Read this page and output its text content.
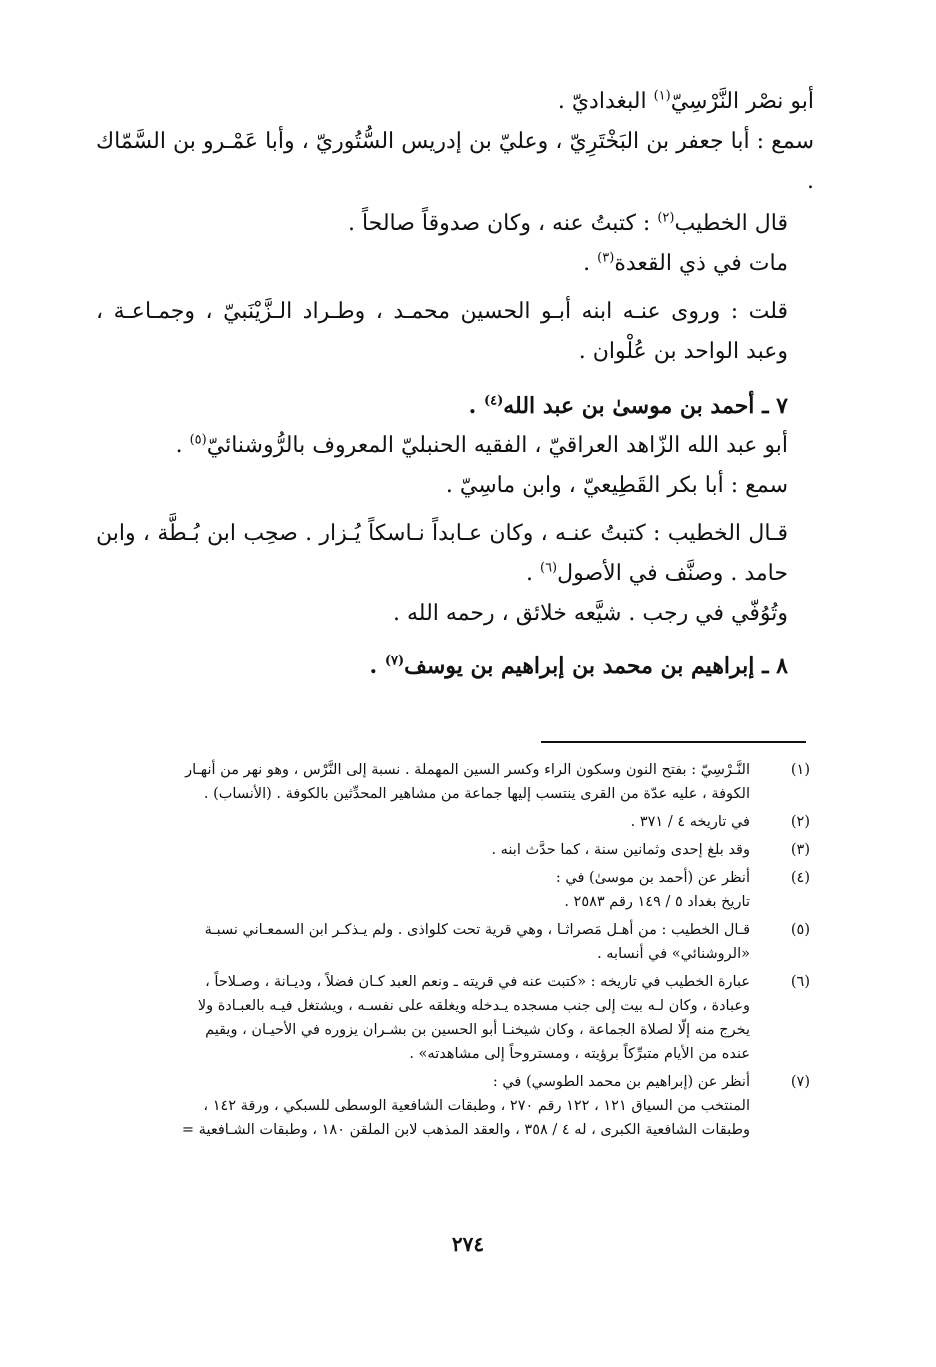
أبو نصْر النَّرْسِيّ$^{(١)}$ البغداديّ .

سمع : أبا جعفر بن البَخْتَرِيّ ، وعليّ بن إدريس السُّتُوريّ ، وأبا عَمْـرو بن السَّمّاك .

قال الخطيب$^{(٢)}$ : كتبتُ عنه ، وكان صدوقاً صالحاً .

مات في ذي القعدة$^{(٣)}$ .

قلت : وروى عنـه ابنه أبـو الحسين محمـد ، وطـراد الـزَّيْنَبيّ ، وجمـاعـة ، وعبد الواحد بن عُلْوان .

٧ ـ أحمد بن موسىٰ بن عبد الله$^{(٤)}$ .

أبو عبد الله الزّاهد العراقيّ ، الفقيه الحنبليّ المعروف بالرُّوشنائيّ$^{(٥)}$ .

سمع : أبا بكر القَطِيعيّ ، وابن ماسِيّ .

قـال الخطيب : كتبتُ عنـه ، وكان عـابداً نـاسكاً يُـزار . صحِب ابن بُـطَّة ، وابن حامد . وصنَّف في الأصول$^{(٦)}$ .

وتُوُفّي في رجب . شيَّعه خلائق ، رحمه الله .

٨ ـ إبراهيم بن محمد بن إبراهيم بن يوسف$^{(٧)}$ .

(١)
النَّـرْسِيّ : بفتح النون وسكون الراء وكسر السين المهملة . نسبة إلى النَّرْس ، وهو نهر من أنهـار
الكوفة ، عليه عدّة من القرى ينتسب إليها جماعة من مشاهير المحدِّثين بالكوفة . (الأنساب) .
(٢)
في تاريخه ٤ / ٣٧١ .
(٣)
وقد بلغ إحدى وثمانين سنة ، كما حدَّث ابنه .
(٤)
أنظر عن (أحمد بن موسىٰ) في :
تاريخ بغداد ٥ / ١٤٩ رقم ٢٥٨٣ .
(٥)
قـال الخطيب : من أهـل مَصراثـا ، وهي قرية تحت كلواذى . ولم يـذكـر ابن السمعـاني نسبـة
«الروشنائي» في أنسابه .
(٦)
عبارة الخطيب في تاريخه : «كتبت عنه في قريته ـ ونعم العبد كـان فضلاً ، وديـانة ، وصـلاحاً ،
وعبادة ، وكان لـه بيت إلى جنب مسجده يـدخله ويغلقه على نفسـه ، ويشتغل فيـه بالعبـادة ولا
يخرج منه إلّا لصلاة الجماعة ، وكان شيخنـا أبو الحسين بن بشـران يزوره في الأحيـان ، ويقيم
عنده من الأيام متبرِّكاً برؤيته ، ومستروحاً إلى مشاهدته» .
(٧)
أنظر عن (إبراهيم بن محمد الطوسي) في :
المنتخب من السياق ١٢١ ، ١٢٢ رقم ٢٧٠ ، وطبقات الشافعية الوسطى للسبكي ، ورقة ١٤٢ ،
وطبقات الشافعية الكبرى ، له ٤ / ٣٥٨ ، والعقد المذهب لابن الملقن ١٨٠ ، وطبقات الشـافعية =
٢٧٤
